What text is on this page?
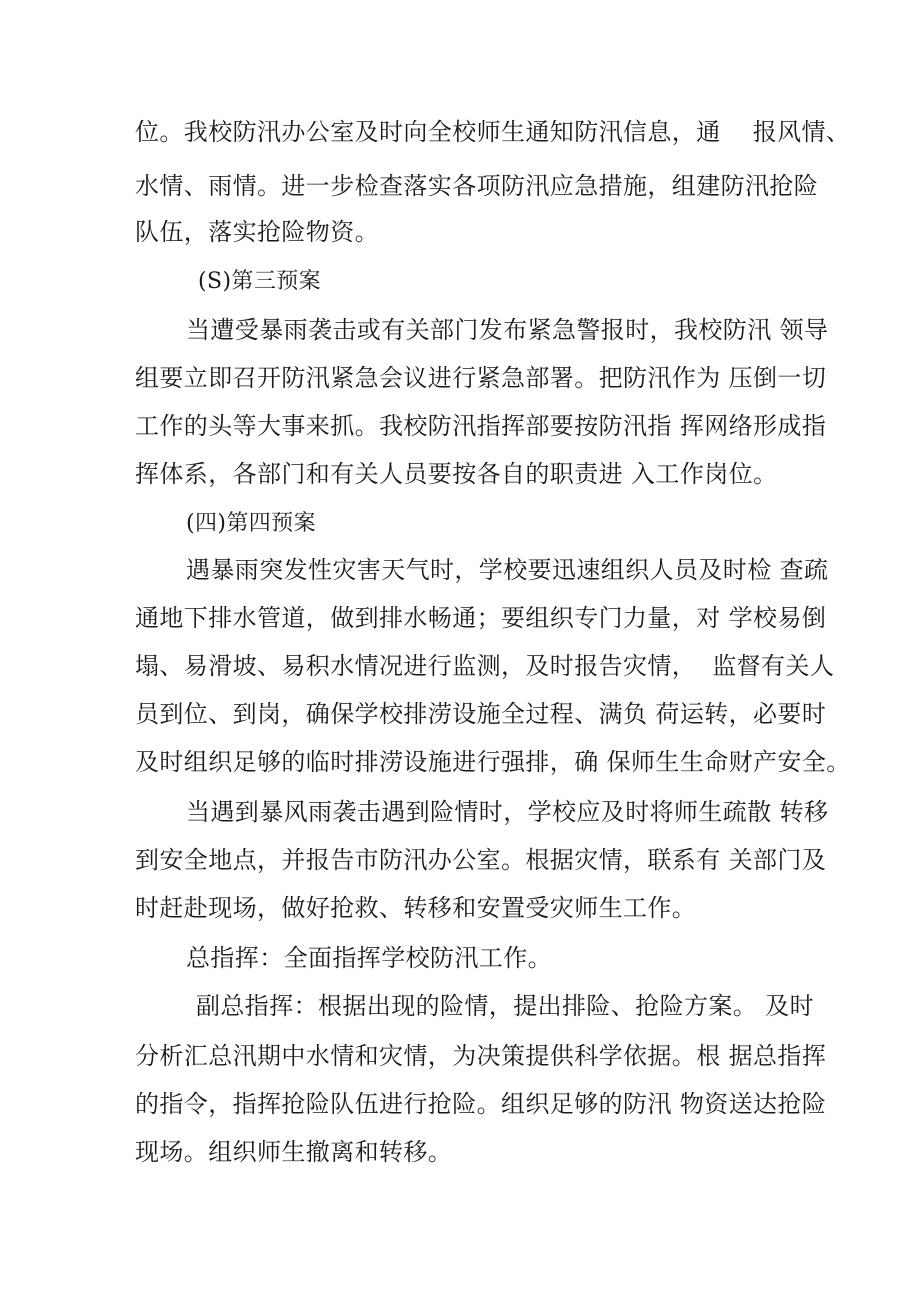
位。我校防汛办公室及时向全校师生通知防汛信息，通    报风情、
水情、雨情。进一步检查落实各项防汛应急措施，组建防汛抢险
队伍，落实抢险物资。
(S)第三预案
当遭受暴雨袭击或有关部门发布紧急警报时，我校防汛 领导
组要立即召开防汛紧急会议进行紧急部署。把防汛作为 压倒一切
工作的头等大事来抓。我校防汛指挥部要按防汛指 挥网络形成指
挥体系，各部门和有关人员要按各自的职责进 入工作岗位。
(四)第四预案
遇暴雨突发性灾害天气时，学校要迅速组织人员及时检 查疏
通地下排水管道，做到排水畅通；要组织专门力量，对 学校易倒
塌、易滑坡、易积水情况进行监测，及时报告灾情，  监督有关人
员到位、到岗，确保学校排涝设施全过程、满负 荷运转，必要时
及时组织足够的临时排涝设施进行强排，确 保师生生命财产安全。
当遇到暴风雨袭击遇到险情时，学校应及时将师生疏散 转移
到安全地点，并报告市防汛办公室。根据灾情，联系有 关部门及
时赶赴现场，做好抢救、转移和安置受灾师生工作。
总指挥：全面指挥学校防汛工作。
副总指挥：根据出现的险情，提出排险、抢险方案。 及时
分析汇总汛期中水情和灾情，为决策提供科学依据。根 据总指挥
的指令，指挥抢险队伍进行抢险。组织足够的防汛 物资送达抢险
现场。组织师生撤离和转移。
